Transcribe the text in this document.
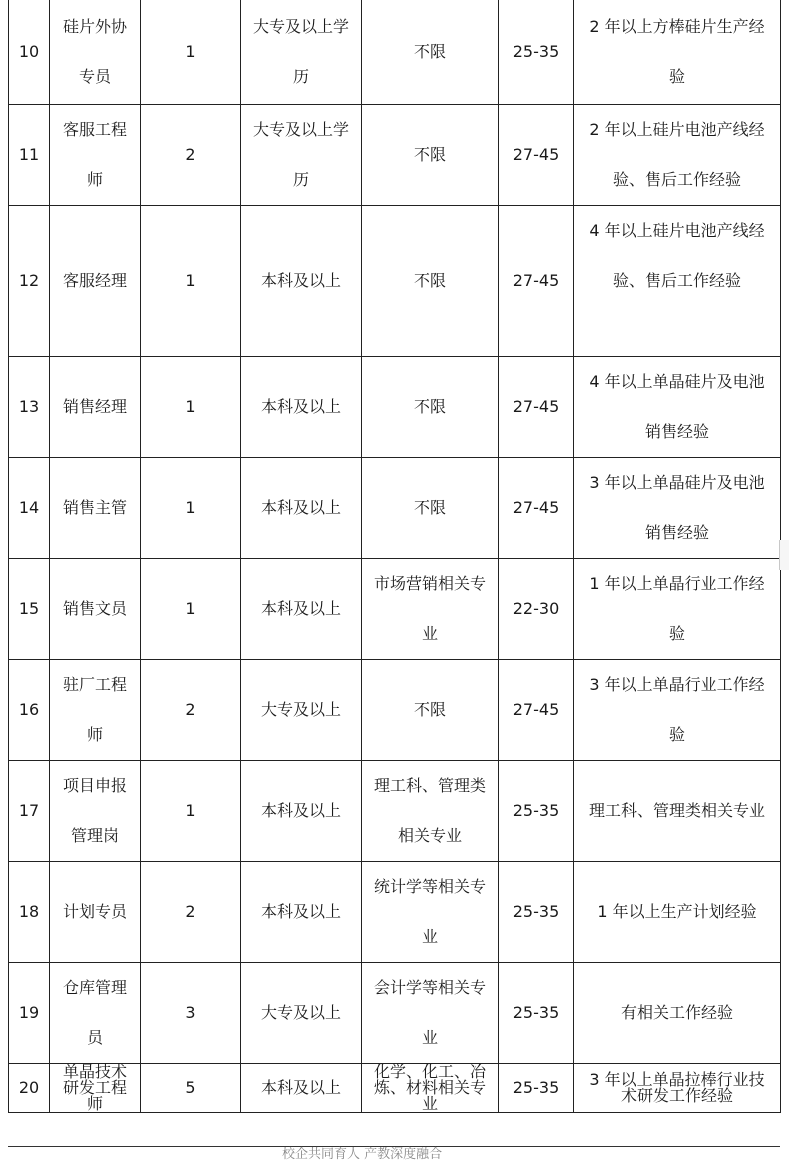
10	硅片外协专员	1	大专及以上学历	不限	25-35	2 年以上方棒硅片生产经验
11	客服工程师	2	大专及以上学历	不限	27-45	2 年以上硅片电池产线经验、售后工作经验
12	客服经理	1	本科及以上	不限	27-45	4 年以上硅片电池产线经验、售后工作经验
13	销售经理	1	本科及以上	不限	27-45	4 年以上单晶硅片及电池销售经验
14	销售主管	1	本科及以上	不限	27-45	3 年以上单晶硅片及电池销售经验
15	销售文员	1	本科及以上	市场营销相关专业	22-30	1 年以上单晶行业工作经验
16	驻厂工程师	2	大专及以上	不限	27-45	3 年以上单晶行业工作经验
17	项目申报管理岗	1	本科及以上	理工科、管理类相关专业	25-35	理工科、管理类相关专业
18	计划专员	2	本科及以上	统计学等相关专业	25-35	1 年以上生产计划经验
19	仓库管理员	3	大专及以上	会计学等相关专业	25-35	有相关工作经验
20	单晶技术研发工程师	5	本科及以上	化学、化工、冶炼、材料相关专业	25-35	3 年以上单晶拉棒行业技术研发工作经验
校企共同育人 产教深度融合
